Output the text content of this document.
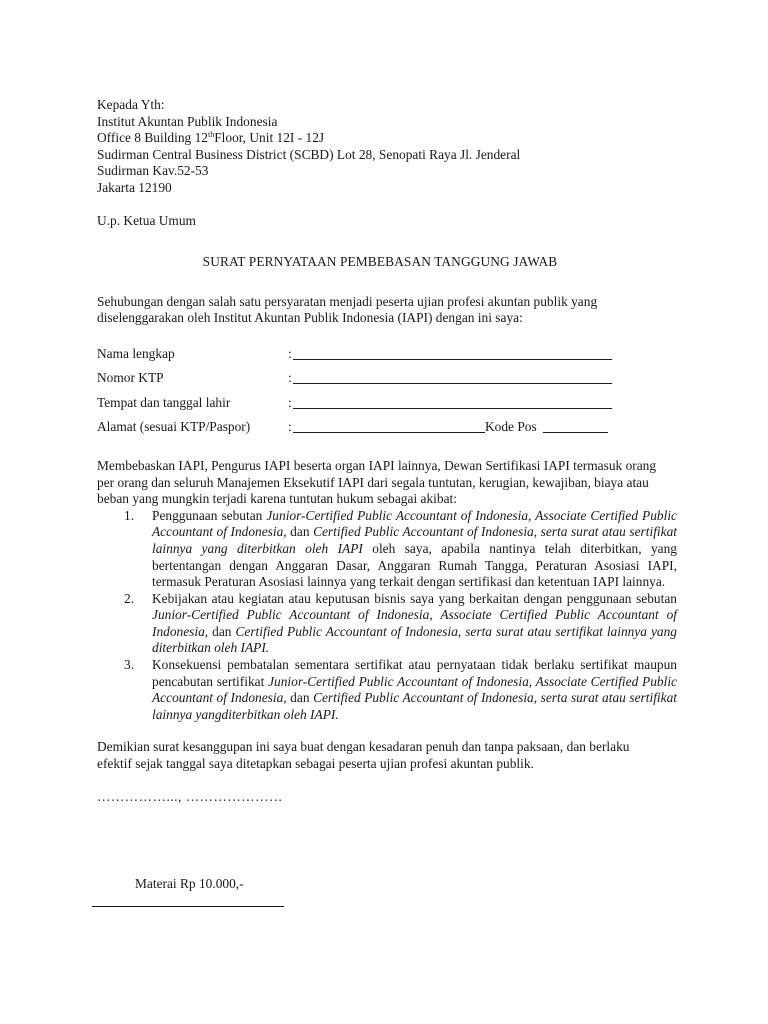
Kepada Yth:
Institut Akuntan Publik Indonesia
Office 8 Building 12thFloor, Unit 12I - 12J
Sudirman Central Business District (SCBD) Lot 28, Senopati Raya Jl. Jenderal
Sudirman Kav.52-53
Jakarta 12190
U.p. Ketua Umum
SURAT PERNYATAAN PEMBEBASAN TANGGUNG JAWAB
Sehubungan dengan salah satu persyaratan menjadi peserta ujian profesi akuntan publik yang diselenggarakan oleh Institut Akuntan Publik Indonesia (IAPI) dengan ini saya:
Nama lengkap	:
Nomor KTP	:
Tempat dan tanggal lahir	:
Alamat (sesuai KTP/Paspor)	:	Kode Pos
Membebaskan IAPI, Pengurus IAPI beserta organ IAPI lainnya, Dewan Sertifikasi IAPI termasuk orang per orang dan seluruh Manajemen Eksekutif IAPI dari segala tuntutan, kerugian, kewajiban, biaya atau beban yang mungkin terjadi karena tuntutan hukum sebagai akibat:
1. Penggunaan sebutan Junior-Certified Public Accountant of Indonesia, Associate Certified Public Accountant of Indonesia, dan Certified Public Accountant of Indonesia, serta surat atau sertifikat lainnya yang diterbitkan oleh IAPI oleh saya, apabila nantinya telah diterbitkan, yang bertentangan dengan Anggaran Dasar, Anggaran Rumah Tangga, Peraturan Asosiasi IAPI, termasuk Peraturan Asosiasi lainnya yang terkait dengan sertifikasi dan ketentuan IAPI lainnya.
2. Kebijakan atau kegiatan atau keputusan bisnis saya yang berkaitan dengan penggunaan sebutan Junior-Certified Public Accountant of Indonesia, Associate Certified Public Accountant of Indonesia, dan Certified Public Accountant of Indonesia, serta surat atau sertifikat lainnya yang diterbitkan oleh IAPI.
3. Konsekuensi pembatalan sementara sertifikat atau pernyataan tidak berlaku sertifikat maupun pencabutan sertifikat Junior-Certified Public Accountant of Indonesia, Associate Certified Public Accountant of Indonesia, dan Certified Public Accountant of Indonesia, serta surat atau sertifikat lainnya yangditerbitkan oleh IAPI.
Demikian surat kesanggupan ini saya buat dengan kesadaran penuh dan tanpa paksaan, dan berlaku efektif sejak tanggal saya ditetapkan sebagai peserta ujian profesi akuntan publik.
……………..., …………………
Materai Rp 10.000,-
